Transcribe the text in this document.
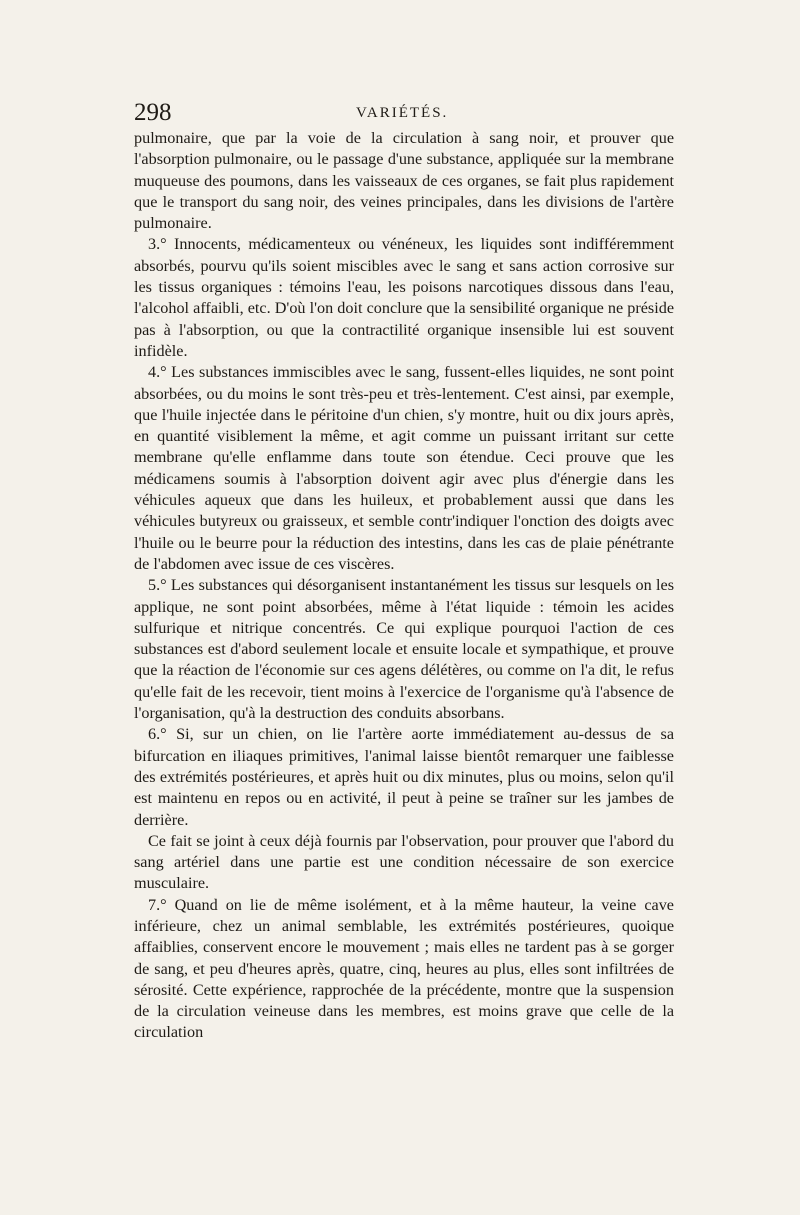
298	VARIÉTÉS.

pulmonaire, que par la voie de la circulation à sang noir, et prouver que l'absorption pulmonaire, ou le passage d'une substance, appliquée sur la membrane muqueuse des poumons, dans les vaisseaux de ces organes, se fait plus rapidement que le transport du sang noir, des veines principales, dans les divisions de l'artère pulmonaire.

3.° Innocents, médicamenteux ou vénéneux, les liquides sont indifféremment absorbés, pourvu qu'ils soient miscibles avec le sang et sans action corrosive sur les tissus organiques : témoins l'eau, les poisons narcotiques dissous dans l'eau, l'alcohol affaibli, etc. D'où l'on doit conclure que la sensibilité organique ne préside pas à l'absorption, ou que la contractilité organique insensible lui est souvent infidèle.

4.° Les substances immiscibles avec le sang, fussent-elles liquides, ne sont point absorbées, ou du moins le sont très-peu et très-lentement. C'est ainsi, par exemple, que l'huile injectée dans le péritoine d'un chien, s'y montre, huit ou dix jours après, en quantité visiblement la même, et agit comme un puissant irritant sur cette membrane qu'elle enflamme dans toute son étendue. Ceci prouve que les médicamens soumis à l'absorption doivent agir avec plus d'énergie dans les véhicules aqueux que dans les huileux, et probablement aussi que dans les véhicules butyreux ou graisseux, et semble contr'indiquer l'onction des doigts avec l'huile ou le beurre pour la réduction des intestins, dans les cas de plaie pénétrante de l'abdomen avec issue de ces viscères.

5.° Les substances qui désorganisent instantanément les tissus sur lesquels on les applique, ne sont point absorbées, même à l'état liquide : témoin les acides sulfurique et nitrique concentrés. Ce qui explique pourquoi l'action de ces substances est d'abord seulement locale et ensuite locale et sympathique, et prouve que la réaction de l'économie sur ces agens délétères, ou comme on l'a dit, le refus qu'elle fait de les recevoir, tient moins à l'exercice de l'organisme qu'à l'absence de l'organisation, qu'à la destruction des conduits absorbans.

6.° Si, sur un chien, on lie l'artère aorte immédiatement au-dessus de sa bifurcation en iliaques primitives, l'animal laisse bientôt remarquer une faiblesse des extrémités postérieures, et après huit ou dix minutes, plus ou moins, selon qu'il est maintenu en repos ou en activité, il peut à peine se traîner sur les jambes de derrière.

Ce fait se joint à ceux déjà fournis par l'observation, pour prouver que l'abord du sang artériel dans une partie est une condition nécessaire de son exercice musculaire.

7.° Quand on lie de même isolément, et à la même hauteur, la veine cave inférieure, chez un animal semblable, les extrémités postérieures, quoique affaiblies, conservent encore le mouvement ; mais elles ne tardent pas à se gorger de sang, et peu d'heures après, quatre, cinq, heures au plus, elles sont infiltrées de sérosité. Cette expérience, rapprochée de la précédente, montre que la suspension de la circulation veineuse dans les membres, est moins grave que celle de la circulation
